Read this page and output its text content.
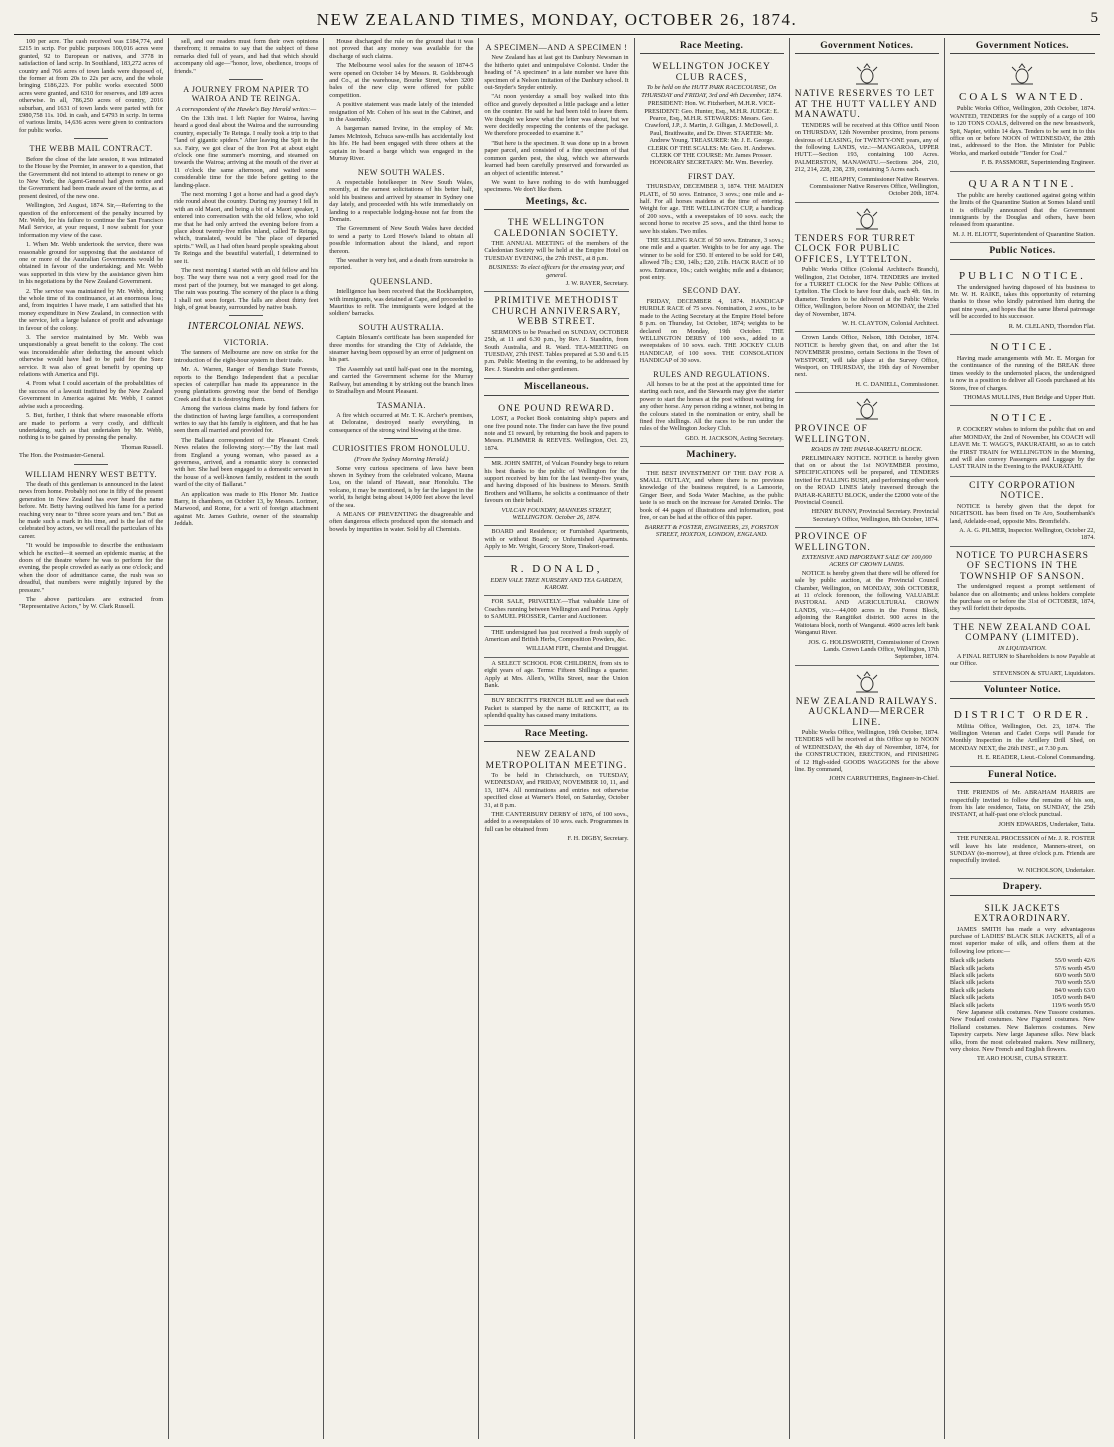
NEW ZEALAND TIMES, MONDAY, OCTOBER 26, 1874.	5

100 per acre. The cash received was £184,774, and £215 in scrip. For public purposes 100,016 acres were granted, 92 to European or natives, and 3778 in satisfaction of land scrip. In Southland, 183,272 acres of country and 766 acres of town lands were disposed of, the former at from 20s to 22s per acre, and the whole bringing £186,223. For public works executed 5000 acres were granted, and 6310 for reserves, and 189 acres otherwise. In all, 786,250 acres of country, 2016 suburban, and 1631 of town lands were parted with for £980,758 11s. 10d. in cash, and £4793 in scrip. In terms of various limits, 14,636 acres were given to contractors for public works.

THE WEBB MAIL CONTRACT.

Before the close of the late session, it was intimated to the House by the Premier, in answer to a question, that the Government did not intend to attempt to renew or go to New York; the Agent-General had given notice and the Government had been made aware of the terms, as at present desired, of the new one.

Wellington, 3rd August, 1874. Sir,—Referring to the question of the enforcement of the penalty incurred by Mr. Webb, for his failure to continue the San Francisco Mail Service, at your request, I now submit for your information my view of the case.

1. When Mr. Webb undertook the service, there was reasonable ground for supposing that the assistance of one or more of the Australian Governments would be obtained in favour of the undertaking; and Mr. Webb was supported in this view by the assistance given him in his negotiations by the New Zealand Government.

2. The service was maintained by Mr. Webb, during the whole time of its continuance, at an enormous loss; and, from inquiries I have made, I am satisfied that his money expenditure in New Zealand, in connection with the service, left a large balance of profit and advantage in favour of the colony.

3. The service maintained by Mr. Webb was unquestionably a great benefit to the colony. The cost was inconsiderable after deducting the amount which otherwise would have had to be paid for the Suez service. It was also of great benefit by opening up relations with America and Fiji.

4. From what I could ascertain of the probabilities of the success of a lawsuit instituted by the New Zealand Government in America against Mr. Webb, I cannot advise such a proceeding.

5. But, further, I think that where reasonable efforts are made to perform a very costly, and difficult undertaking, such as that undertaken by Mr. Webb, nothing is to be gained by pressing the penalty.

Thomas Russell.
The Hon. the Postmaster-General.
WILLIAM HENRY WEST BETTY.

The death of this gentleman is announced in the latest news from home. Probably not one in fifty of the present generation in New Zealand has ever heard the name before. Mr. Betty having outlived his fame for a period reaching very near to "three score years and ten." But as he made such a mark in his time, and is the last of the celebrated boy actors, we will recall the particulars of his career.

"It would be impossible to describe the enthusiasm which he excited—it seemed an epidemic mania; at the doors of the theatre where he was to perform for the evening, the people crowded as early as one o'clock; and when the door of admittance came, the rush was so dreadful, that numbers were mightily injured by the pressure."

The above particulars are extracted from "Representative Actors," by W. Clark Russell.

sell, and our readers must form their own opinions therefrom; it remains to say that the subject of these remarks died full of years, and had that which should accompany old age—"honor, love, obedience, troops of friends."

A JOURNEY FROM NAPIER TO WAIROA AND TE REINGA.
A correspondent of the Hawke's Bay Herald writes:—

On the 13th inst. I left Napier for Wairoa, having heard a good deal about the Wairoa and the surrounding country, especially Te Reinga. I really took a trip to that "land of gigantic spiders." After leaving the Spit in the s.s. Fairy, we got clear of the Iron Pot at about eight o'clock one fine summer's morning, and steamed on towards the Wairoa; arriving at the mouth of the river at 11 o'clock the same afternoon, and waited some considerable time for the tide before getting to the landing-place.

The next morning I got a horse and had a good day's ride round about the country. During my journey I fell in with an old Maori, and being a bit of a Maori speaker, I entered into conversation with the old fellow, who told me that he had only arrived the evening before from a place about twenty-five miles inland, called Te Reinga, which, translated, would be "the place of departed spirits." Well, as I had often heard people speaking about Te Reinga and the beautiful waterfall, I determined to see it.

The next morning I started with an old fellow and his boy. The way there was not a very good road for the most part of the journey, but we managed to get along. The rain was pouring. The scenery of the place is a thing I shall not soon forget. The falls are about thirty feet high, of great beauty, surrounded by native bush.

INTERCOLONIAL NEWS.
VICTORIA.

The tanners of Melbourne are now on strike for the introduction of the eight-hour system in their trade.

Mr. A. Warren, Ranger of Bendigo State Forests, reports to the Bendigo Independent that a peculiar species of caterpillar has made its appearance in the young plantations growing near the bend of Bendigo Creek and that it is destroying them.

Among the various claims made by fond fathers for the distinction of having large families, a correspondent writes to say that his family is eighteen, and that he has seen them all married and provided for.

The Ballarat correspondent of the Pleasant Creek News relates the following story:—"By the last mail from England a young woman, who passed as a governess, arrived, and a romantic story is connected with her. She had been engaged to a domestic servant in the house of a well-known family, resident in the south ward of the city of Ballarat."

An application was made to His Honor Mr. Justice Barry, in chambers, on October 13, by Messrs. Lorimer, Marwood, and Rome, for a writ of foreign attachment against Mr. James Guthrie, owner of the steamship Jeddah.

House discharged the rule on the ground that it was not proved that any money was available for the discharge of such claims.

The Melbourne wool sales for the season of 1874-5 were opened on October 14 by Messrs. R. Goldsbrough and Co., at the warehouse, Bourke Street, when 3200 bales of the new clip were offered for public competition.

A positive statement was made lately of the intended resignation of Mr. Cohen of his seat in the Cabinet, and in the Assembly.

A bargeman named Irvine, in the employ of Mr. James McIntosh, Echuca saw-mills has accidentally lost his life. He had been engaged with three others at the captain in board a barge which was engaged in the Murray River.

NEW SOUTH WALES.

A respectable hotelkeeper in New South Wales, recently, at the earnest solicitations of his better half, sold his business and arrived by steamer in Sydney one day lately, and proceeded with his wife immediately on landing to a respectable lodging-house not far from the Domain.

The Government of New South Wales have decided to send a party to Lord Howe's Island to obtain all possible information about the island, and report thereon.

The weather is very hot, and a death from sunstroke is reported.

QUEENSLAND.

Intelligence has been received that the Rockhampton, with immigrants, was detained at Cape, and proceeded to Mauritius to refit. The immigrants were lodged at the soldiers' barracks.

SOUTH AUSTRALIA.

Captain Bloxam's certificate has been suspended for three months for stranding the City of Adelaide, the steamer having been opposed by an error of judgment on his part.

The Assembly sat until half-past one in the morning, and carried the Government scheme for the Murray Railway, but amending it by striking out the branch lines to Strathalbyn and Mount Pleasant.

TASMANIA.

A fire which occurred at Mr. T. K. Archer's premises, at Deloraine, destroyed nearly everything, in consequence of the strong wind blowing at the time.

CURIOSITIES FROM HONOLULU.
(From the Sydney Morning Herald.)

Some very curious specimens of lava have been shown in Sydney from the celebrated volcano, Mauna Loa, on the island of Hawaii, near Honolulu. The volcano, it may be mentioned, is by far the largest in the world, its height being about 14,000 feet above the level of the sea.

A MEANS OF PREVENTING the disagreeable and often dangerous effects produced upon the stomach and bowels by impurities in water. Sold by all Chemists.

A SPECIMEN—AND A SPECIMEN !

New Zealand has at last got its Danbury Newsman in the hitherto quiet and unimpulsive Colonist. Under the heading of "A specimen" in a late number we have this specimen of a Nelson imitation of the Danbury school. It out-Snyder's Snyder entirely.

"At noon yesterday a small boy walked into this office and gravely deposited a little package and a letter on the counter. He said he had been told to leave them. We thought we knew what the letter was about, but we were decidedly respecting the contents of the package. We therefore proceeded to examine it."

"But here is the specimen. It was done up in a brown paper parcel, and consisted of a fine specimen of that common garden pest, the slug, which we afterwards learned had been carefully preserved and forwarded as an object of scientific interest."

We want to have nothing to do with humbugged specimens. We don't like them.

Meetings, &c.
THE WELLINGTON CALEDONIAN SOCIETY.

THE ANNUAL MEETING of the members of the Caledonian Society will be held at the Empire Hotel on TUESDAY EVENING, the 27th INST., at 8 p.m.

BUSINESS: To elect officers for the ensuing year, and general.
J. W. RAYER, Secretary.
PRIMITIVE METHODIST CHURCH ANNIVERSARY, WEBB STREET.

SERMONS to be Preached on SUNDAY, OCTOBER 25th, at 11 and 6.30 p.m., by Rev. J. Standrin, from South Australia, and R. Ward. TEA-MEETING on TUESDAY, 27th INST. Tables prepared at 5.30 and 6.15 p.m. Public Meeting in the evening, to be addressed by Rev. J. Standrin and other gentlemen.

Miscellaneous.
ONE POUND REWARD.

LOST, a Pocket Book containing ship's papers and one five pound note. The finder can have the five pound note and £1 reward, by returning the book and papers to Messrs. PLIMMER & REEVES. Wellington, Oct. 23, 1874.

MR. JOHN SMITH, of Vulcan Foundry begs to return his best thanks to the public of Wellington for the support received by him for the last twenty-five years, and having disposed of his business to Messrs. Smith Brothers and Williams, he solicits a continuance of their favours on their behalf.

VULCAN FOUNDRY, MANNERS STREET, WELLINGTON. October 26, 1874.

BOARD and Residence; or Furnished Apartments, with or without Board; or Unfurnished Apartments. Apply to Mr. Wright, Grocery Store, Tinakori-road.

R. DONALD,
EDEN VALE TREE NURSERY AND TEA GARDEN, KARORI.

FOR SALE, PRIVATELY.—That valuable Line of Coaches running between Wellington and Porirua. Apply to SAMUEL PROSSER, Carrier and Auctioneer.

THE undersigned has just received a fresh supply of American and British Herbs, Composition Powders, &c.

WILLIAM FIFE, Chemist and Druggist.

A SELECT SCHOOL FOR CHILDREN, from six to eight years of age. Terms: Fifteen Shillings a quarter. Apply at Mrs. Allen's, Willis Street, near the Union Bank.

BUY RECKITT'S FRENCH BLUE and see that each Packet is stamped by the name of RECKITT, as its splendid quality has caused many imitations.

Race Meeting.
NEW ZEALAND METROPOLITAN MEETING.

To be held in Christchurch, on TUESDAY, WEDNESDAY, and FRIDAY, NOVEMBER 10, 11, and 13, 1874. All nominations and entries not otherwise specified close at Warner's Hotel, on Saturday, October 31, at 8 p.m.

THE CANTERBURY DERBY of 1876, of 100 sovs., added to a sweepstakes of 10 sovs. each. Programmes in full can be obtained from

F. H. DIGBY, Secretary.
Race Meeting.
WELLINGTON JOCKEY CLUB RACES,
To be held on the HUTT PARK RACECOURSE, On THURSDAY and FRIDAY, 3rd and 4th December, 1874.

PRESIDENT: Hon. W. Fitzherbert, M.H.R. VICE-PRESIDENT: Geo. Hunter, Esq., M.H.R. JUDGE: E. Pearce, Esq., M.H.R. STEWARDS: Messrs. Geo. Crawford, J.P., J. Martin, J. Gilligan, J. McDowell, J. Paul, Braithwaite, and Dr. Diver. STARTER: Mr. Andrew Young. TREASURER: Mr. J. E. George. CLERK OF THE SCALES: Mr. Geo. H. Andrews. CLERK OF THE COURSE: Mr. James Prosser. HONORARY SECRETARY: Mr. Wm. Beverley.

FIRST DAY.

THURSDAY, DECEMBER 3, 1874. THE MAIDEN PLATE, of 50 sovs. Entrance, 3 sovs.; one mile and a-half. For all horses maidens at the time of entering. Weight for age. THE WELLINGTON CUP, a handicap of 200 sovs., with a sweepstakes of 10 sovs. each; the second horse to receive 25 sovs., and the third horse to save his stakes. Two miles.

THE SELLING RACE of 50 sovs. Entrance, 3 sovs.; one mile and a quarter. Weights to be for any age. The winner to be sold for £50. If entered to be sold for £40, allowed 7lb.; £30, 14lb.; £20, 21lb. HACK RACE of 10 sovs. Entrance, 10s.; catch weights; mile and a distance; post entry.

SECOND DAY.

FRIDAY, DECEMBER 4, 1874. HANDICAP HURDLE RACE of 75 sovs. Nomination, 2 sovs., to be made to the Acting Secretary at the Empire Hotel before 8 p.m. on Thursday, 1st October, 1874; weights to be declared on Monday, 19th October. THE WELLINGTON DERBY of 100 sovs., added to a sweepstakes of 10 sovs. each. THE JOCKEY CLUB HANDICAP, of 100 sovs. THE CONSOLATION HANDICAP of 30 sovs.

RULES AND REGULATIONS.

All horses to be at the post at the appointed time for starting each race, and the Stewards may give the starter power to start the horses at the post without waiting for any other horse. Any person riding a winner, not being in the colours stated in the nomination or entry, shall be fined five shillings. All the races to be run under the rules of the Wellington Jockey Club.

GEO. H. JACKSON, Acting Secretary.
Machinery.

THE BEST INVESTMENT OF THE DAY FOR A SMALL OUTLAY, and where there is no previous knowledge of the business required, is a Lamoorie, Ginger Beer, and Soda Water Machine, as the public taste is so much on the increase for Aerated Drinks. The book of 44 pages of illustrations and information, post free, or can be had at the office of this paper.

BARRETT & FOSTER, ENGINEERS, 23, FORSTON STREET, HOXTON, LONDON, ENGLAND.
Government Notices.
NATIVE RESERVES TO LET AT THE HUTT VALLEY AND MANAWATU.

TENDERS will be received at this Office until Noon on THURSDAY, 12th November proximo, from persons desirous of LEASING, for TWENTY-ONE years, any of the following LANDS, viz.:—MANGAROA, UPPER HUTT.—Section 193, containing 100 Acres. PALMERSTON, MANAWATU.—Sections 204, 210, 212, 214, 228, 238, 239, containing 5 Acres each.

C. HEAPHY, Commissioner Native Reserves. Commissioner Native Reserves Office, Wellington, October 20th, 1874.
TENDERS FOR TURRET CLOCK FOR PUBLIC OFFICES, LYTTELTON.

Public Works Office (Colonial Architect's Branch), Wellington, 21st October, 1874. TENDERS are invited for a TURRET CLOCK for the New Public Offices at Lyttelton. The Clock to have four dials, each 4ft. 6in. in diameter. Tenders to be delivered at the Public Works Office, Wellington, before Noon on MONDAY, the 23rd day of November, 1874.

W. H. CLAYTON, Colonial Architect.

Crown Lands Office, Nelson, 18th October, 1874. NOTICE is hereby given that, on and after the 1st NOVEMBER proximo, certain Sections in the Town of WESTPORT, will take place at the Survey Office, Westport, on THURSDAY, the 19th day of November next.

H. C. DANIELL, Commissioner.
PROVINCE OF WELLINGTON.
ROADS IN THE PAHAR-KARETU BLOCK.

PRELIMINARY NOTICE. NOTICE is hereby given that on or about the 1st NOVEMBER proximo, SPECIFICATIONS will be prepared, and TENDERS invited for FALLING BUSH, and performing other work on the ROAD LINES lately traversed through the PAHAR-KARETU BLOCK, under the £2000 vote of the Provincial Council.

HENRY BUNNY, Provincial Secretary. Provincial Secretary's Office, Wellington, 8th October, 1874.
PROVINCE OF WELLINGTON.
EXTENSIVE AND IMPORTANT SALE OF 100,000 ACRES OF CROWN LANDS.

NOTICE is hereby given that there will be offered for sale by public auction, at the Provincial Council Chamber, Wellington, on MONDAY, 30th OCTOBER, at 11 o'clock forenoon, the following VALUABLE PASTORAL AND AGRICULTURAL CROWN LANDS, viz.:—44,000 acres in the Forest Block, adjoining the Rangitikei district. 900 acres in the Waitotara block, north of Wanganui. 4600 acres left bank Wanganui River.

JOS. G. HOLDSWORTH, Commissioner of Crown Lands. Crown Lands Office, Wellington, 17th September, 1874.
NEW ZEALAND RAILWAYS. AUCKLAND—MERCER LINE.

Public Works Office, Wellington, 19th October, 1874. TENDERS will be received at this Office up to NOON of WEDNESDAY, the 4th day of November, 1874, for the CONSTRUCTION, ERECTION, and FINISHING of 12 High-sided GOODS WAGGONS for the above line. By command,

JOHN CARRUTHERS, Engineer-in-Chief.
Government Notices.
COALS WANTED.

Public Works Office, Wellington, 20th October, 1874. WANTED, TENDERS for the supply of a cargo of 100 to 120 TONS COALS, delivered on the new breastwork, Spit, Napier, within 14 days. Tenders to be sent in to this office on or before NOON of WEDNESDAY, the 28th inst., addressed to the Hon. the Minister for Public Works, and marked outside "Tender for Coal."

F. B. PASSMORE, Superintending Engineer.
QUARANTINE.

The public are hereby cautioned against going within the limits of the Quarantine Station at Somes Island until it is officially announced that the Government immigrants by the Douglas and others, have been released from quarantine.

M. J. H. ELIOTT, Superintendent of Quarantine Station.
Public Notices.
PUBLIC NOTICE.

The undersigned having disposed of his business to Mr. W. H. RAIKE, takes this opportunity of returning thanks to those who kindly patronised him during the past nine years, and hopes that the same liberal patronage will be accorded to his successor.

R. M. CLELAND, Thorndon Flat.
NOTICE.

Having made arrangements with Mr. E. Morgan for the continuance of the running of the BREAK three times weekly to the undernoted places, the undersigned is now in a position to deliver all Goods purchased at his Stores, free of charges.

THOMAS MULLINS, Hutt Bridge and Upper Hutt.
NOTICE.

P. COCKERY wishes to inform the public that on and after MONDAY, the 2nd of November, his COACH will LEAVE Mr. T. WAGG'S, PAKURATAHI, so as to catch the FIRST TRAIN for WELLINGTON in the Morning, and will also convey Passengers and Luggage by the LAST TRAIN in the Evening to the PAKURATAHI.

CITY CORPORATION NOTICE.

NOTICE is hereby given that the depot for NIGHTSOIL has been fixed on Te Aro, Southernbank's land, Adelaide-road, opposite Mrs. Bromfield's.

A. A. G. PILMER, Inspector. Wellington, October 22, 1874.
NOTICE TO PURCHASERS OF SECTIONS IN THE TOWNSHIP OF SANSON.

The undersigned request a prompt settlement of balance due on allotments; and unless holders complete the purchase on or before the 31st of OCTOBER, 1874, they will forfeit their deposits.

THE NEW ZEALAND COAL COMPANY (LIMITED).
IN LIQUIDATION.

A FINAL RETURN to Shareholders is now Payable at our Office.

STEVENSON & STUART, Liquidators.
Volunteer Notice.
DISTRICT ORDER.

Militia Office, Wellington, Oct. 23, 1874. The Wellington Veteran and Cadet Corps will Parade for Monthly Inspection in the Artillery Drill Shed, on MONDAY NEXT, the 26th INST., at 7.30 p.m.

H. E. READER, Lieut.-Colonel Commanding.
Funeral Notice.

THE FRIENDS of Mr. ABRAHAM HARRIS are respectfully invited to follow the remains of his son, from his late residence, Taita, on SUNDAY, the 25th INSTANT, at half-past one o'clock punctual.

JOHN EDWARDS, Undertaker, Taita.

THE FUNERAL PROCESSION of Mr. J. R. FOSTER will leave his late residence, Manners-street, on SUNDAY (to-morrow), at three o'clock p.m. Friends are respectfully invited.

W. NICHOLSON, Undertaker.
Drapery.
SILK JACKETS EXTRAORDINARY.

JAMES SMITH has made a very advantageous purchase of LADIES' BLACK SILK JACKETS, all of a most superior make of silk, and offers them at the following low prices:—

Black silk jackets	55/0 worth 42/6
Black silk jackets	57/6 worth 45/0
Black silk jackets	60/0 worth 50/0
Black silk jackets	70/0 worth 55/0
Black silk jackets	84/0 worth 63/0
Black silk jackets	105/0 worth 84/0
Black silk jackets	119/6 worth 95/0

New Japanese silk costumes. New Tussore costumes. New Foulard costumes. New Figured costumes. New Holland costumes. New Balernos costumes. New Tapestry carpets. New large Japanese silks. New black silks, from the most celebrated makers. New millinery, very choice. New French and English flowers.

TE ARO HOUSE, CUBA STREET.
